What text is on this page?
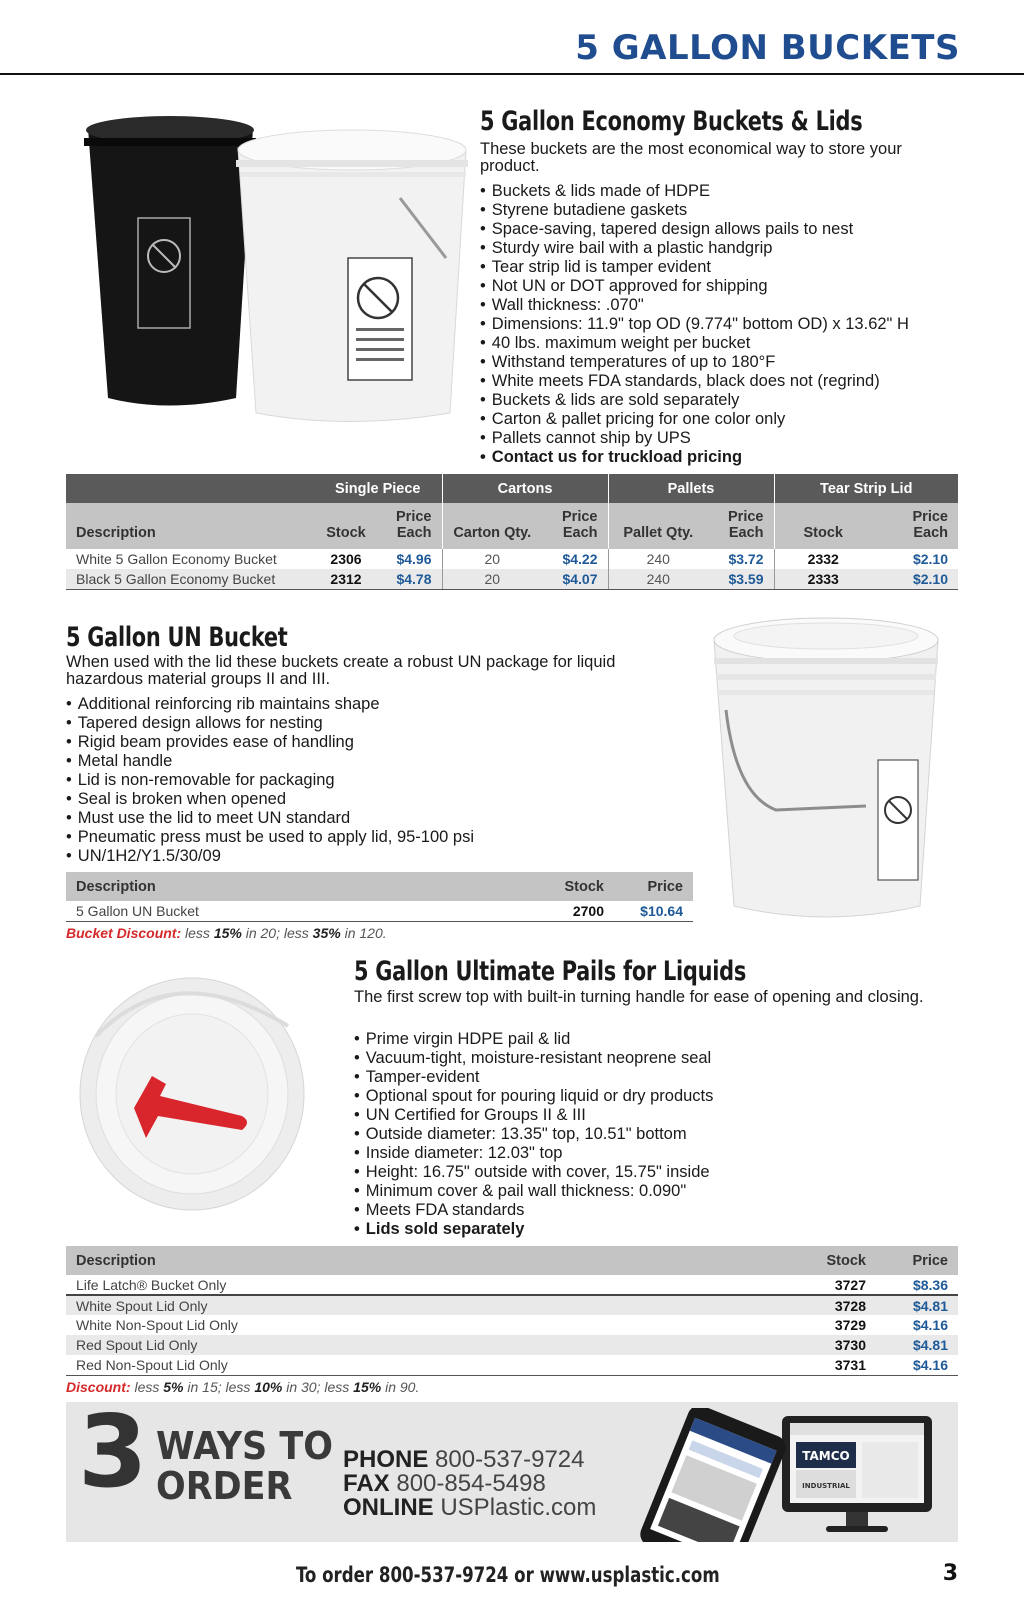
5 GALLON BUCKETS
5 Gallon Economy Buckets & Lids
These buckets are the most economical way to store your product.
• Buckets & lids made of HDPE
• Styrene butadiene gaskets
• Space-saving, tapered design allows pails to nest
• Sturdy wire bail with a plastic handgrip
• Tear strip lid is tamper evident
• Not UN or DOT approved for shipping
• Wall thickness: .070"
• Dimensions: 11.9" top OD (9.774" bottom OD) x 13.62" H
• 40 lbs. maximum weight per bucket
• Withstand temperatures of up to 180°F
• White meets FDA standards, black does not (regrind)
• Buckets & lids are sold separately
• Carton & pallet pricing for one color only
• Pallets cannot ship by UPS
• Contact us for truckload pricing
	Single Piece		Cartons		Pallets		Tear Strip Lid	
Description	Stock	Price Each	Carton Qty.	Price Each	Pallet Qty.	Price Each	Stock	Price Each
White 5 Gallon Economy Bucket	2306	$4.96	20	$4.22	240	$3.72	2332	$2.10
Black 5 Gallon Economy Bucket	2312	$4.78	20	$4.07	240	$3.59	2333	$2.10
5 Gallon UN Bucket
When used with the lid these buckets create a robust UN package for liquid hazardous material groups II and III.
• Additional reinforcing rib maintains shape
• Tapered design allows for nesting
• Rigid beam provides ease of handling
• Metal handle
• Lid is non-removable for packaging
• Seal is broken when opened
• Must use the lid to meet UN standard
• Pneumatic press must be used to apply lid, 95-100 psi
• UN/1H2/Y1.5/30/09
Description	Stock	Price
5 Gallon UN Bucket	2700	$10.64
Bucket Discount: less 15% in 20; less 35% in 120.
5 Gallon Ultimate Pails for Liquids
The first screw top with built-in turning handle for ease of opening and closing.
• Prime virgin HDPE pail & lid
• Vacuum-tight, moisture-resistant neoprene seal
• Tamper-evident
• Optional spout for pouring liquid or dry products
• UN Certified for Groups II & III
• Outside diameter: 13.35" top, 10.51" bottom
• Inside diameter: 12.03" top
• Height: 16.75" outside with cover, 15.75" inside
• Minimum cover & pail wall thickness: 0.090"
• Meets FDA standards
• Lids sold separately
Description	Stock	Price
Life Latch® Bucket Only	3727	$8.36
White Spout Lid Only	3728	$4.81
White Non-Spout Lid Only	3729	$4.16
Red Spout Lid Only	3730	$4.81
Red Non-Spout Lid Only	3731	$4.16
Discount: less 5% in 15; less 10% in 30; less 15% in 90.
3 WAYS TO
ORDER
PHONE 800-537-9724
FAX 800-854-5498
ONLINE USPlastic.com
TAMCO
INDUSTRIAL
To order 800-537-9724 or www.usplastic.com	3
